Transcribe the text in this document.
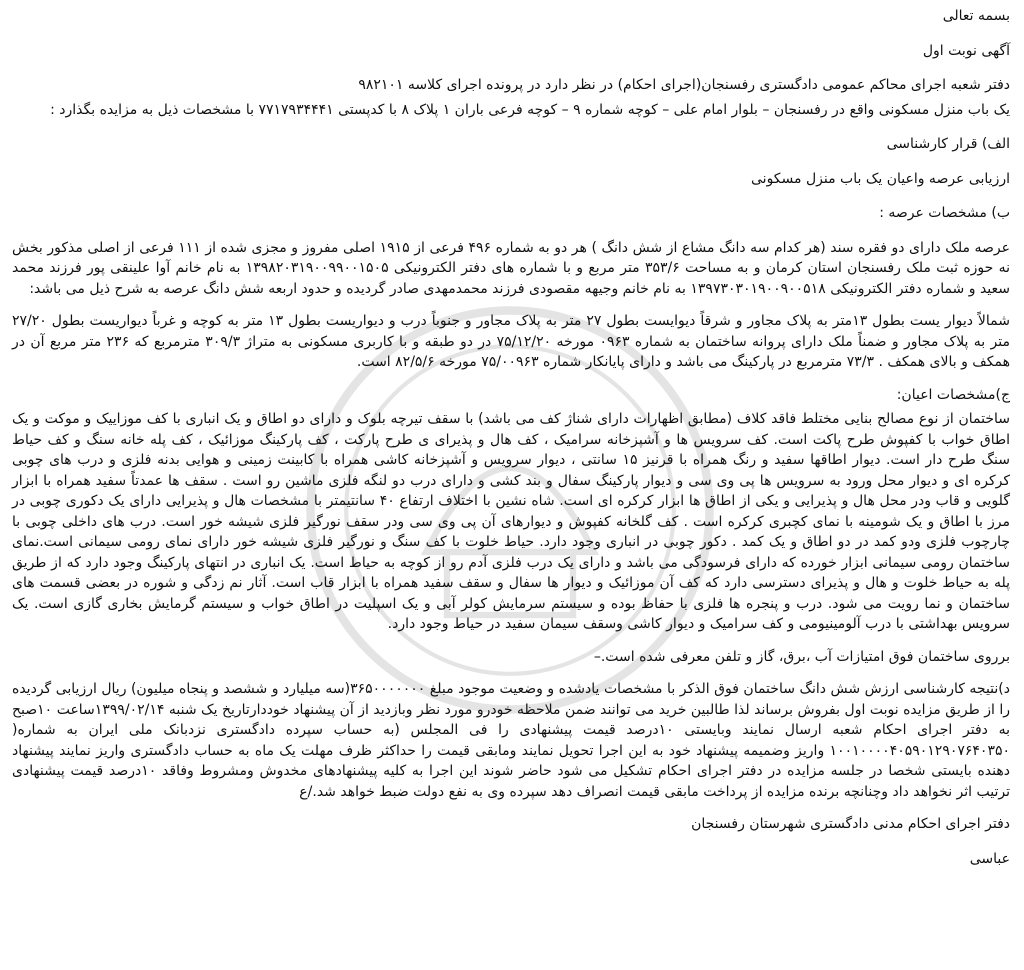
بسمه تعالی

آگهی نوبت اول

دفتر شعبه اجرای محاکم عمومی دادگستری رفسنجان(اجرای احکام) در نظر دارد در پرونده اجرای کلاسه ۹۸۲۱۰۱

یک باب منزل مسکونی واقع در رفسنجان – بلوار امام علی – کوچه شماره ۹ – کوچه فرعی باران ۱ پلاک ۸ با کدپستی ۷۷۱۷۹۳۴۴۴۱ با مشخصات ذیل به مزایده بگذارد :

الف) قرار کارشناسی

ارزیابی عرصه واعیان یک باب منزل مسکونی

ب) مشخصات عرصه :

عرصه ملک دارای دو فقره سند (هر کدام سه دانگ مشاع از شش دانگ ) هر دو به شماره ۴۹۶ فرعی از ۱۹۱۵ اصلی مفروز و مجزی شده از ۱۱۱ فرعی از اصلی مذکور بخش نه حوزه ثبت ملک رفسنجان استان کرمان و به مساحت ۳۵۳/۶ متر مربع و با شماره های دفتر الکترونیکی ۱۳۹۸۲۰۳۱۹۰۰۹۹۰۰۱۵۰۵ به نام خانم آوا علینقی پور فرزند محمد سعید و شماره دفتر الکترونیکی ۱۳۹۷۳۰۳۰۱۹۰۰۹۰۰۵۱۸ به نام خانم وجیهه مقصودی فرزند محمدمهدی صادر گردیده و حدود اربعه شش دانگ عرصه به شرح ذیل می باشد:

شمالاً دیوار یست بطول ۱۳متر به پلاک مجاور و شرقاً دیوایست بطول ۲۷ متر به پلاک مجاور و جنوباً درب و دیواریست بطول ۱۳ متر به کوچه و غرباً دیواریست بطول ۲۷/۲۰ متر به پلاک مجاور و ضمناً ملک دارای پروانه ساختمان به شماره ۰۹۶۳ مورخه ۷۵/۱۲/۲۰ در دو طبقه و با کاربری مسکونی به متراژ ۳۰۹/۳ مترمربع که ۲۳۶ متر مربع آن در همکف و بالای همکف . ۷۳/۳ مترمربع در پارکینگ می باشد و دارای پایانکار شماره ۷۵/۰۰۹۶۳ مورخه ۸۲/۵/۶ است.

ج)مشخصات اعیان:

ساختمان از نوع مصالح بنایی مختلط فاقد کلاف (مطابق اظهارات دارای شناژ کف می باشد) با سقف تیرچه بلوک و دارای دو اطاق و یک انباری با کف موزاییک و موکت و یک اطاق خواب با کفپوش طرح پاکت است. کف سرویس ها و آشپزخانه سرامیک ، کف هال و پذیرای ی طرح پارکت ، کف پارکینگ موزائیک ، کف پله خانه سنگ و کف حیاط سنگ طرح دار است. دیوار اطاقها سفید و رنگ همراه با قرنیز ۱۵ سانتی ، دیوار سرویس و آشپزخانه کاشی همراه با کابینت زمینی و هوایی بدنه فلزی و درب های چوبی کرکره ای و دیوار محل ورود به سرویس ها پی وی سی و دیوار پارکینگ سفال و بند کشی و دارای درب دو لنگه فلزی ماشین رو است . سقف ها عمدتاً سفید همراه با ابزار گلویی و قاب ودر محل هال و پذیرایی و یکی از اطاق ها ابزار کرکره ای است. شاه نشین با اختلاف ارتفاع ۴۰ سانتیمتر با مشخصات هال و پذیرایی دارای یک دکوری چوبی در مرز با اطاق و یک شومینه با نمای کچبری کرکره است . کف گلخانه کفپوش و دیوارهای آن پی وی سی ودر سقف نورگیر فلزی شیشه خور است. درب های داخلی چوبی با چارچوب فلزی ودو کمد در دو اطاق و یک کمد . دکور چوبی در انباری وجود دارد. حیاط خلوت با کف سنگ و نورگیر فلزی شیشه خور دارای نمای رومی سیمانی است.نمای ساختمان رومی سیمانی ابزار خورده که دارای فرسودگی می باشد و دارای یک درب فلزی آدم رو از کوچه به حیاط است. یک انباری در انتهای پارکینگ وجود دارد که از طریق پله به حیاط خلوت و هال و پذیرای دسترسی دارد که کف آن موزائیک و دیوار ها سفال و سقف سفید همراه با ابزار قاب است. آثار نم زدگی و شوره در بعضی قسمت های ساختمان و نما رویت می شود. درب و پنجره ها فلزی با حفاظ بوده و سیستم سرمایش کولر آبی و یک اسپلیت در اطاق خواب و سیستم گرمایش بخاری گازی است. یک سرویس بهداشتی با درب آلومینیومی و کف سرامیک و دیوار کاشی وسقف سیمان سفید در حیاط وجود دارد.

برروی ساختمان فوق امتیازات آب ،برق، گاز و تلفن معرفی شده است.–

د)نتیجه کارشناسی ارزش شش دانگ ساختمان فوق الذکر با مشخصات یادشده و وضعیت موجود مبلغ ۳۶۵۰۰۰۰۰۰۰(سه میلیارد و ششصد و پنجاه میلیون) ریال ارزیابی گردیده را از طریق مزایده نوبت اول بفروش برساند لذا طالبین خرید می توانند ضمن ملاحظه خودرو مورد نظر وبازدید از آن پیشنهاد خوددارتاریخ یک شنبه ۱۳۹۹/۰۲/۱۴ساعت ۱۰صبح به دفتر اجرای احکام شعبه ارسال نمایند وبایستی ۱۰درصد قیمت پیشنهادی را فی المجلس (به حساب سپرده دادگستری نزدبانک ملی ایران به شماره( ۱۰۰۱۰۰۰۰۴۰۵۹۰۱۲۹۰۷۶۴۰۳۵۰ واریز وضمیمه پیشنهاد خود به این اجرا تحویل نمایند ومابقی قیمت را حداکثر ظرف مهلت یک ماه به حساب دادگستری واریز نمایند پیشنهاد دهنده بایستی شخصا در جلسه مزایده در دفتر اجرای احکام تشکیل می شود حاضر شوند این اجرا به کلیه پیشنهادهای مخدوش ومشروط وفاقد ۱۰درصد قیمت پیشنهادی ترتیب اثر نخواهد داد وچنانچه برنده مزایده از پرداخت مابقی قیمت انصراف دهد سپرده وی به نفع دولت ضبط خواهد شد./ع

دفتر اجرای احکام مدنی دادگستری شهرستان رفسنجان

عباسی
